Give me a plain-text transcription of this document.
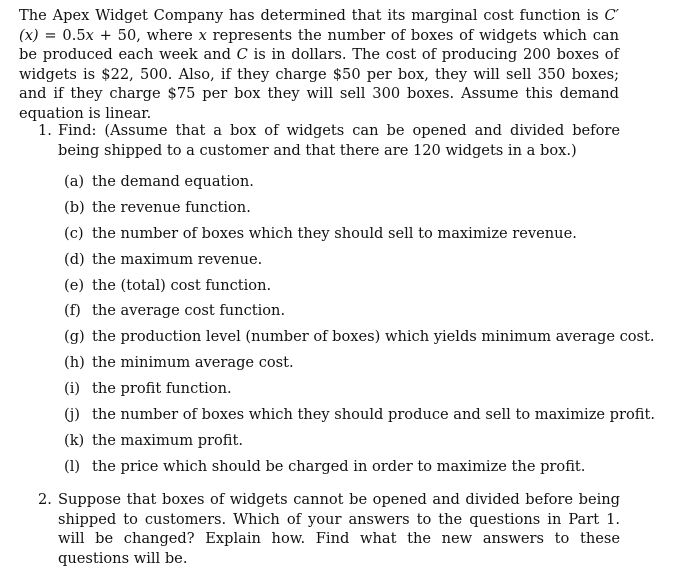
The Apex Widget Company has determined that its marginal cost function is C′(x) = 0.5x + 50, where x represents the number of boxes of widgets which can be produced each week and C is in dollars. The cost of producing 200 boxes of widgets is $22, 500. Also, if they charge $50 per box, they will sell 350 boxes; and if they charge $75 per box they will sell 300 boxes. Assume this demand equation is linear.

1. Find: (Assume that a box of widgets can be opened and divided before being shipped to a customer and that there are 120 widgets in a box.)
(a) the demand equation.
(b) the revenue function.
(c) the number of boxes which they should sell to maximize revenue.
(d) the maximum revenue.
(e) the (total) cost function.
(f) the average cost function.
(g) the production level (number of boxes) which yields minimum average cost.
(h) the minimum average cost.
(i) the profit function.
(j) the number of boxes which they should produce and sell to maximize profit.
(k) the maximum profit.
(l) the price which should be charged in order to maximize the profit.
2. Suppose that boxes of widgets cannot be opened and divided before being shipped to customers. Which of your answers to the questions in Part 1. will be changed? Explain how. Find what the new answers to these questions will be.
